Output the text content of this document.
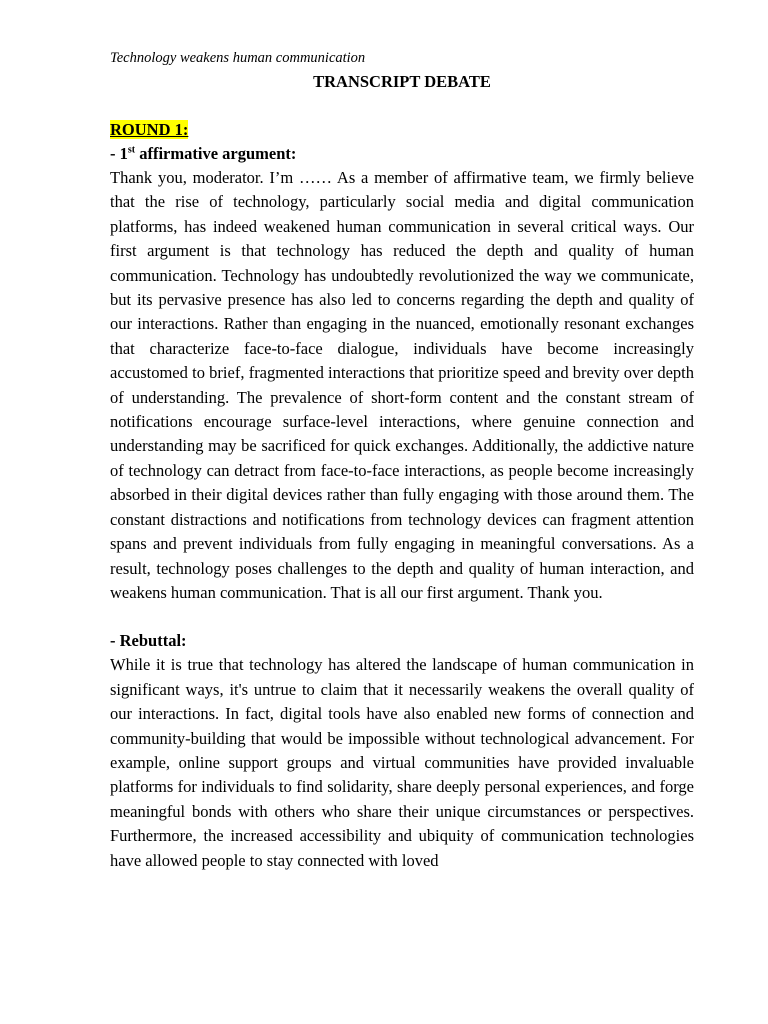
Technology weakens human communication

TRANSCRIPT DEBATE

ROUND 1:

- 1st affirmative argument:

Thank you, moderator. I’m …… As a member of affirmative team, we firmly believe that the rise of technology, particularly social media and digital communication platforms, has indeed weakened human communication in several critical ways. Our first argument is that technology has reduced the depth and quality of human communication. Technology has undoubtedly revolutionized the way we communicate, but its pervasive presence has also led to concerns regarding the depth and quality of our interactions. Rather than engaging in the nuanced, emotionally resonant exchanges that characterize face-to-face dialogue, individuals have become increasingly accustomed to brief, fragmented interactions that prioritize speed and brevity over depth of understanding. The prevalence of short-form content and the constant stream of notifications encourage surface-level interactions, where genuine connection and understanding may be sacrificed for quick exchanges. Additionally, the addictive nature of technology can detract from face-to-face interactions, as people become increasingly absorbed in their digital devices rather than fully engaging with those around them. The constant distractions and notifications from technology devices can fragment attention spans and prevent individuals from fully engaging in meaningful conversations. As a result, technology poses challenges to the depth and quality of human interaction, and weakens human communication. That is all our first argument. Thank you.

- Rebuttal:

While it is true that technology has altered the landscape of human communication in significant ways, it's untrue to claim that it necessarily weakens the overall quality of our interactions. In fact, digital tools have also enabled new forms of connection and community-building that would be impossible without technological advancement. For example, online support groups and virtual communities have provided invaluable platforms for individuals to find solidarity, share deeply personal experiences, and forge meaningful bonds with others who share their unique circumstances or perspectives. Furthermore, the increased accessibility and ubiquity of communication technologies have allowed people to stay connected with loved
